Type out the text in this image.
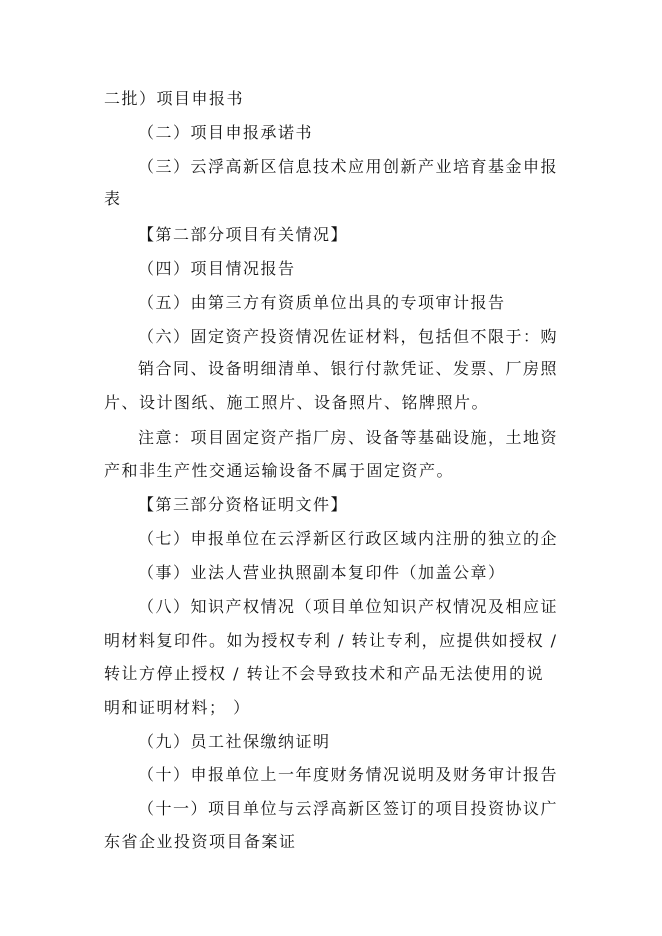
二批）项目申报书
（二）项目申报承诺书
（三）云浮高新区信息技术应用创新产业培育基金申报
表
【第二部分项目有关情况】
（四）项目情况报告
（五）由第三方有资质单位出具的专项审计报告
（六）固定资产投资情况佐证材料，包括但不限于：购
销合同、设备明细清单、银行付款凭证、发票、厂房照
片、设计图纸、施工照片、设备照片、铭牌照片。
注意：项目固定资产指厂房、设备等基础设施，土地资
产和非生产性交通运输设备不属于固定资产。
【第三部分资格证明文件】
（七）申报单位在云浮新区行政区域内注册的独立的企
（事）业法人营业执照副本复印件（加盖公章）
（八）知识产权情况（项目单位知识产权情况及相应证
明材料复印件。如为授权专利 / 转让专利，应提供如授权 /
转让方停止授权 / 转让不会导致技术和产品无法使用的说
明和证明材料； ）
（九）员工社保缴纳证明
（十）申报单位上一年度财务情况说明及财务审计报告
（十一）项目单位与云浮高新区签订的项目投资协议广
东省企业投资项目备案证
